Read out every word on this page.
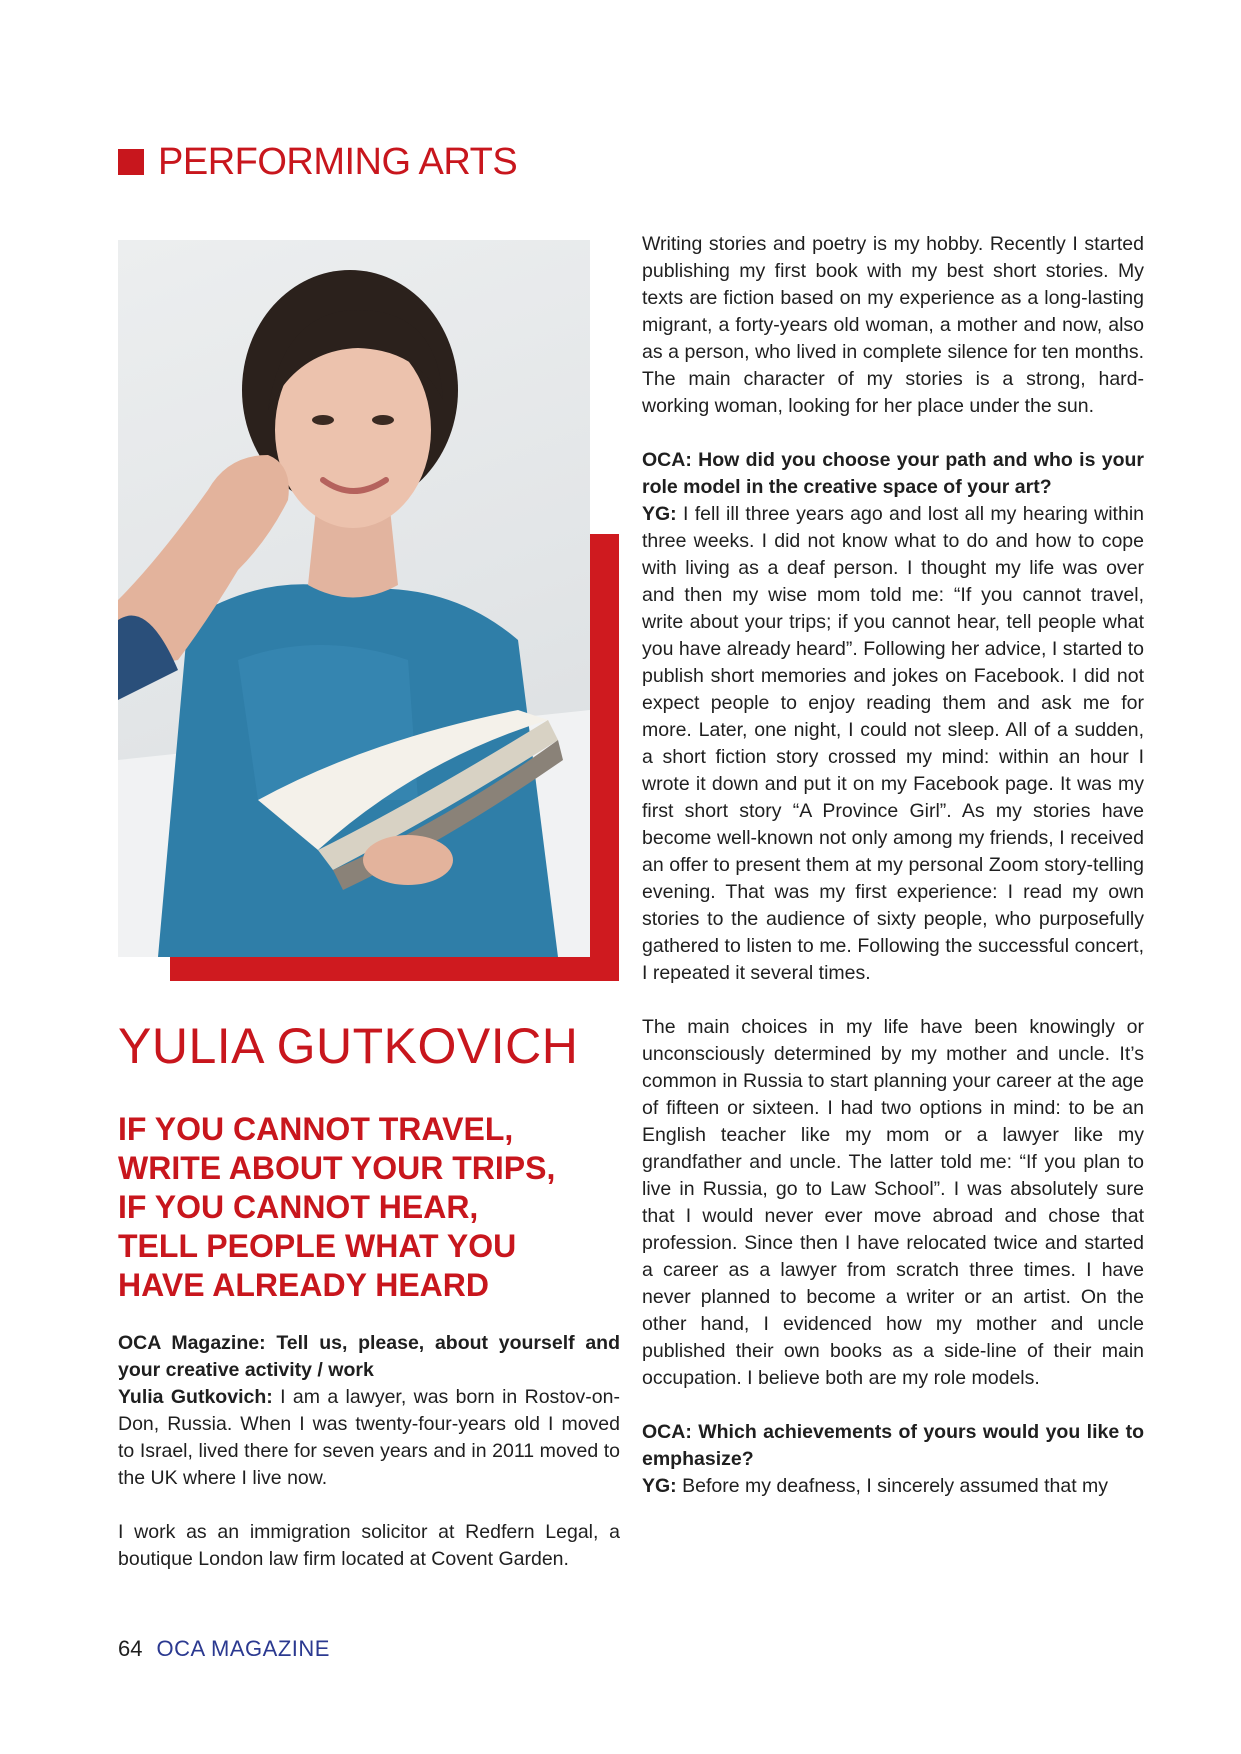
PERFORMING ARTS
YULIA GUTKOVICH
IF YOU CANNOT TRAVEL,
WRITE ABOUT YOUR TRIPS,
IF YOU CANNOT HEAR,
TELL PEOPLE WHAT YOU
HAVE ALREADY HEARD

OCA Magazine: Tell us, please, about yourself and your creative activity / work
Yulia Gutkovich: I am a lawyer, was born in Rostov-on-Don, Russia. When I was twenty-four-years old I moved to Israel, lived there for seven years and in 2011 moved to the UK where I live now.

I work as an immigration solicitor at Redfern Legal, a boutique London law firm located at Covent Garden.

Writing stories and poetry is my hobby. Recently I started publishing my first book with my best short stories. My texts are fiction based on my experience as a long-lasting migrant, a forty-years old woman, a mother and now, also as a person, who lived in complete silence for ten months. The main character of my stories is a strong, hard-working woman, looking for her place under the sun.

OCA: How did you choose your path and who is your role model in the creative space of your art?
YG: I fell ill three years ago and lost all my hearing within three weeks. I did not know what to do and how to cope with living as a deaf person. I thought my life was over and then my wise mom told me: “If you cannot travel, write about your trips; if you cannot hear, tell people what you have already heard”. Following her advice, I started to publish short memories and jokes on Facebook. I did not expect people to enjoy reading them and ask me for more. Later, one night, I could not sleep. All of a sudden, a short fiction story crossed my mind: within an hour I wrote it down and put it on my Facebook page. It was my first short story “A Province Girl”. As my stories have become well-known not only among my friends, I received an offer to present them at my personal Zoom story-telling evening. That was my first experience: I read my own stories to the audience of sixty people, who purposefully gathered to listen to me. Following the successful concert, I repeated it several times.

The main choices in my life have been knowingly or unconsciously determined by my mother and uncle. It’s common in Russia to start planning your career at the age of fifteen or sixteen. I had two options in mind: to be an English teacher like my mom or a lawyer like my grandfather and uncle. The latter told me: “If you plan to live in Russia, go to Law School”. I was absolutely sure that I would never ever move abroad and chose that profession. Since then I have relocated twice and started a career as a lawyer from scratch three times. I have never planned to become a writer or an artist. On the other hand, I evidenced how my mother and uncle published their own books as a side-line of their main occupation. I believe both are my role models.

OCA: Which achievements of yours would you like to emphasize?
YG: Before my deafness, I sincerely assumed that my

64 OCA MAGAZINE
